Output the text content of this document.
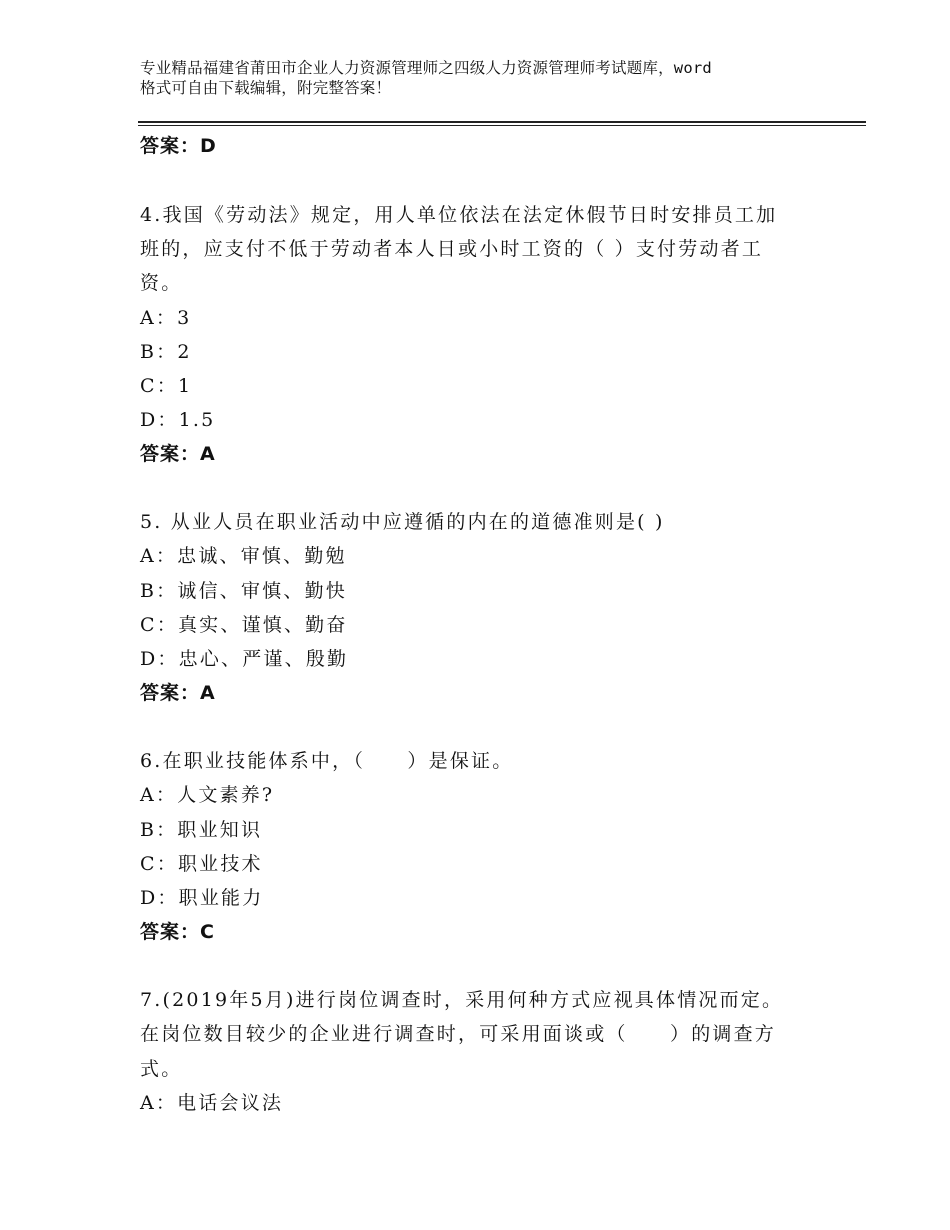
专业精品福建省莆田市企业人力资源管理师之四级人力资源管理师考试题库，word
格式可自由下载编辑，附完整答案！
答案：D
4.我国《劳动法》规定，用人单位依法在法定休假节日时安排员工加
班的，应支付不低于劳动者本人日或小时工资的（ ）支付劳动者工
资。
A：3
B：2
C：1
D：1.5
答案：A
5. 从业人员在职业活动中应遵循的内在的道德准则是( )
A：忠诚、审慎、勤勉
B：诚信、审慎、勤快
C：真实、谨慎、勤奋
D：忠心、严谨、殷勤
答案：A
6.在职业技能体系中，（　　）是保证。
A：人文素养?
B：职业知识
C：职业技术
D：职业能力
答案：C
7.(2019年5月)进行岗位调查时，采用何种方式应视具体情况而定。
在岗位数目较少的企业进行调查时，可采用面谈或（　　）的调查方
式。
A：电话会议法
